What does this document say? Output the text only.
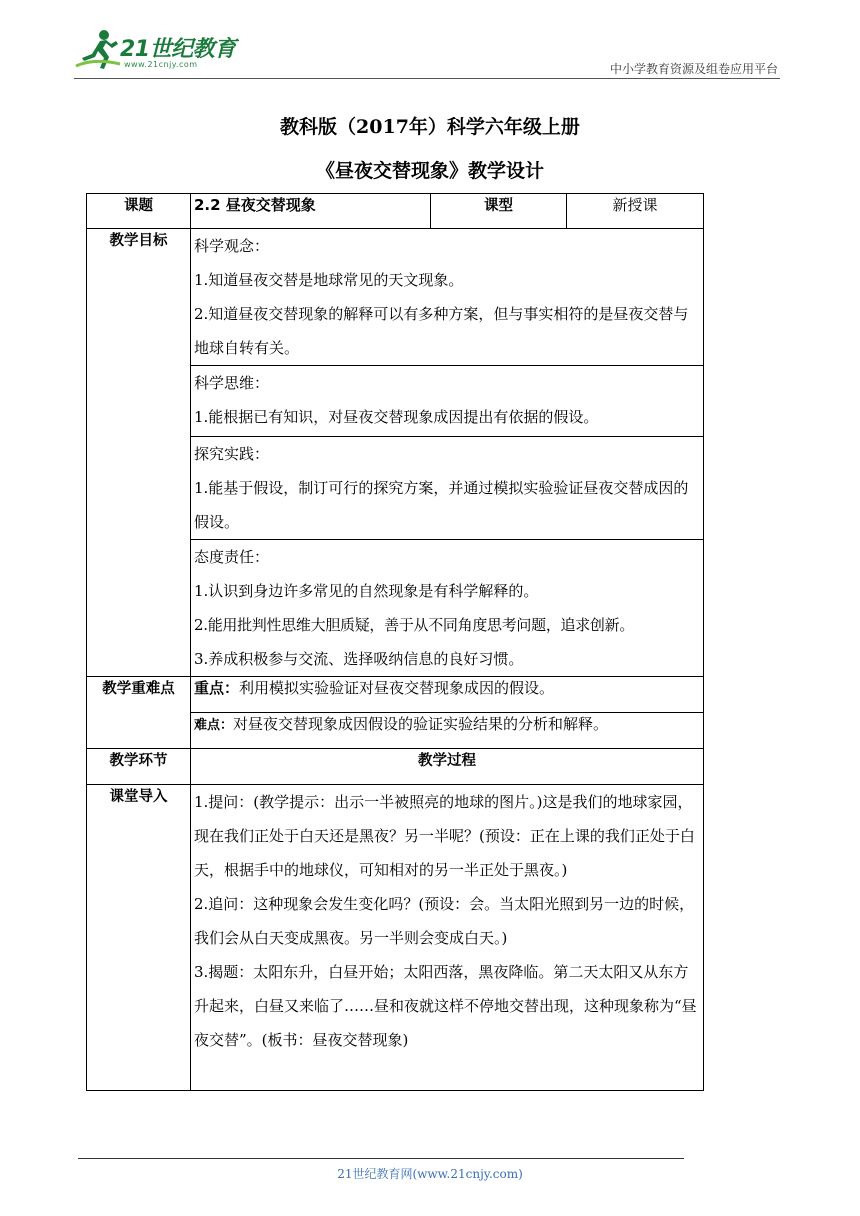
21世纪教育
www.21cnjy.com	中小学教育资源及组卷应用平台
教科版（2017年）科学六年级上册
《昼夜交替现象》教学设计
课题	2.2 昼夜交替现象	课型	新授课
教学目标	科学观念：
1.知道昼夜交替是地球常见的天文现象。
2.知道昼夜交替现象的解释可以有多种方案，但与事实相符的是昼夜交替与地球自转有关。		

	科学思维：
1.能根据已有知识，对昼夜交替现象成因提出有依据的假设。		

	探究实践：
1.能基于假设，制订可行的探究方案，并通过模拟实验验证昼夜交替成因的假设。		

	态度责任：
1.认识到身边许多常见的自然现象是有科学解释的。
2.能用批判性思维大胆质疑，善于从不同角度思考问题，追求创新。
3.养成积极参与交流、选择吸纳信息的良好习惯。		

教学重难点	重点：利用模拟实验验证对昼夜交替现象成因的假设。		
	难点：对昼夜交替现象成因假设的验证实验结果的分析和解释。		
教学环节	教学过程		
课堂导入	1.提问：(教学提示：出示一半被照亮的地球的图片。)这是我们的地球家园，现在我们正处于白天还是黑夜？另一半呢？(预设：正在上课的我们正处于白天，根据手中的地球仪，可知相对的另一半正处于黑夜。)
2.追问：这种现象会发生变化吗？(预设：会。当太阳光照到另一边的时候，我们会从白天变成黑夜。另一半则会变成白天。)
3.揭题：太阳东升，白昼开始；太阳西落，黑夜降临。第二天太阳又从东方升起来，白昼又来临了……昼和夜就这样不停地交替出现，这种现象称为“昼夜交替”。(板书：昼夜交替现象)		
21世纪教育网(www.21cnjy.com)
